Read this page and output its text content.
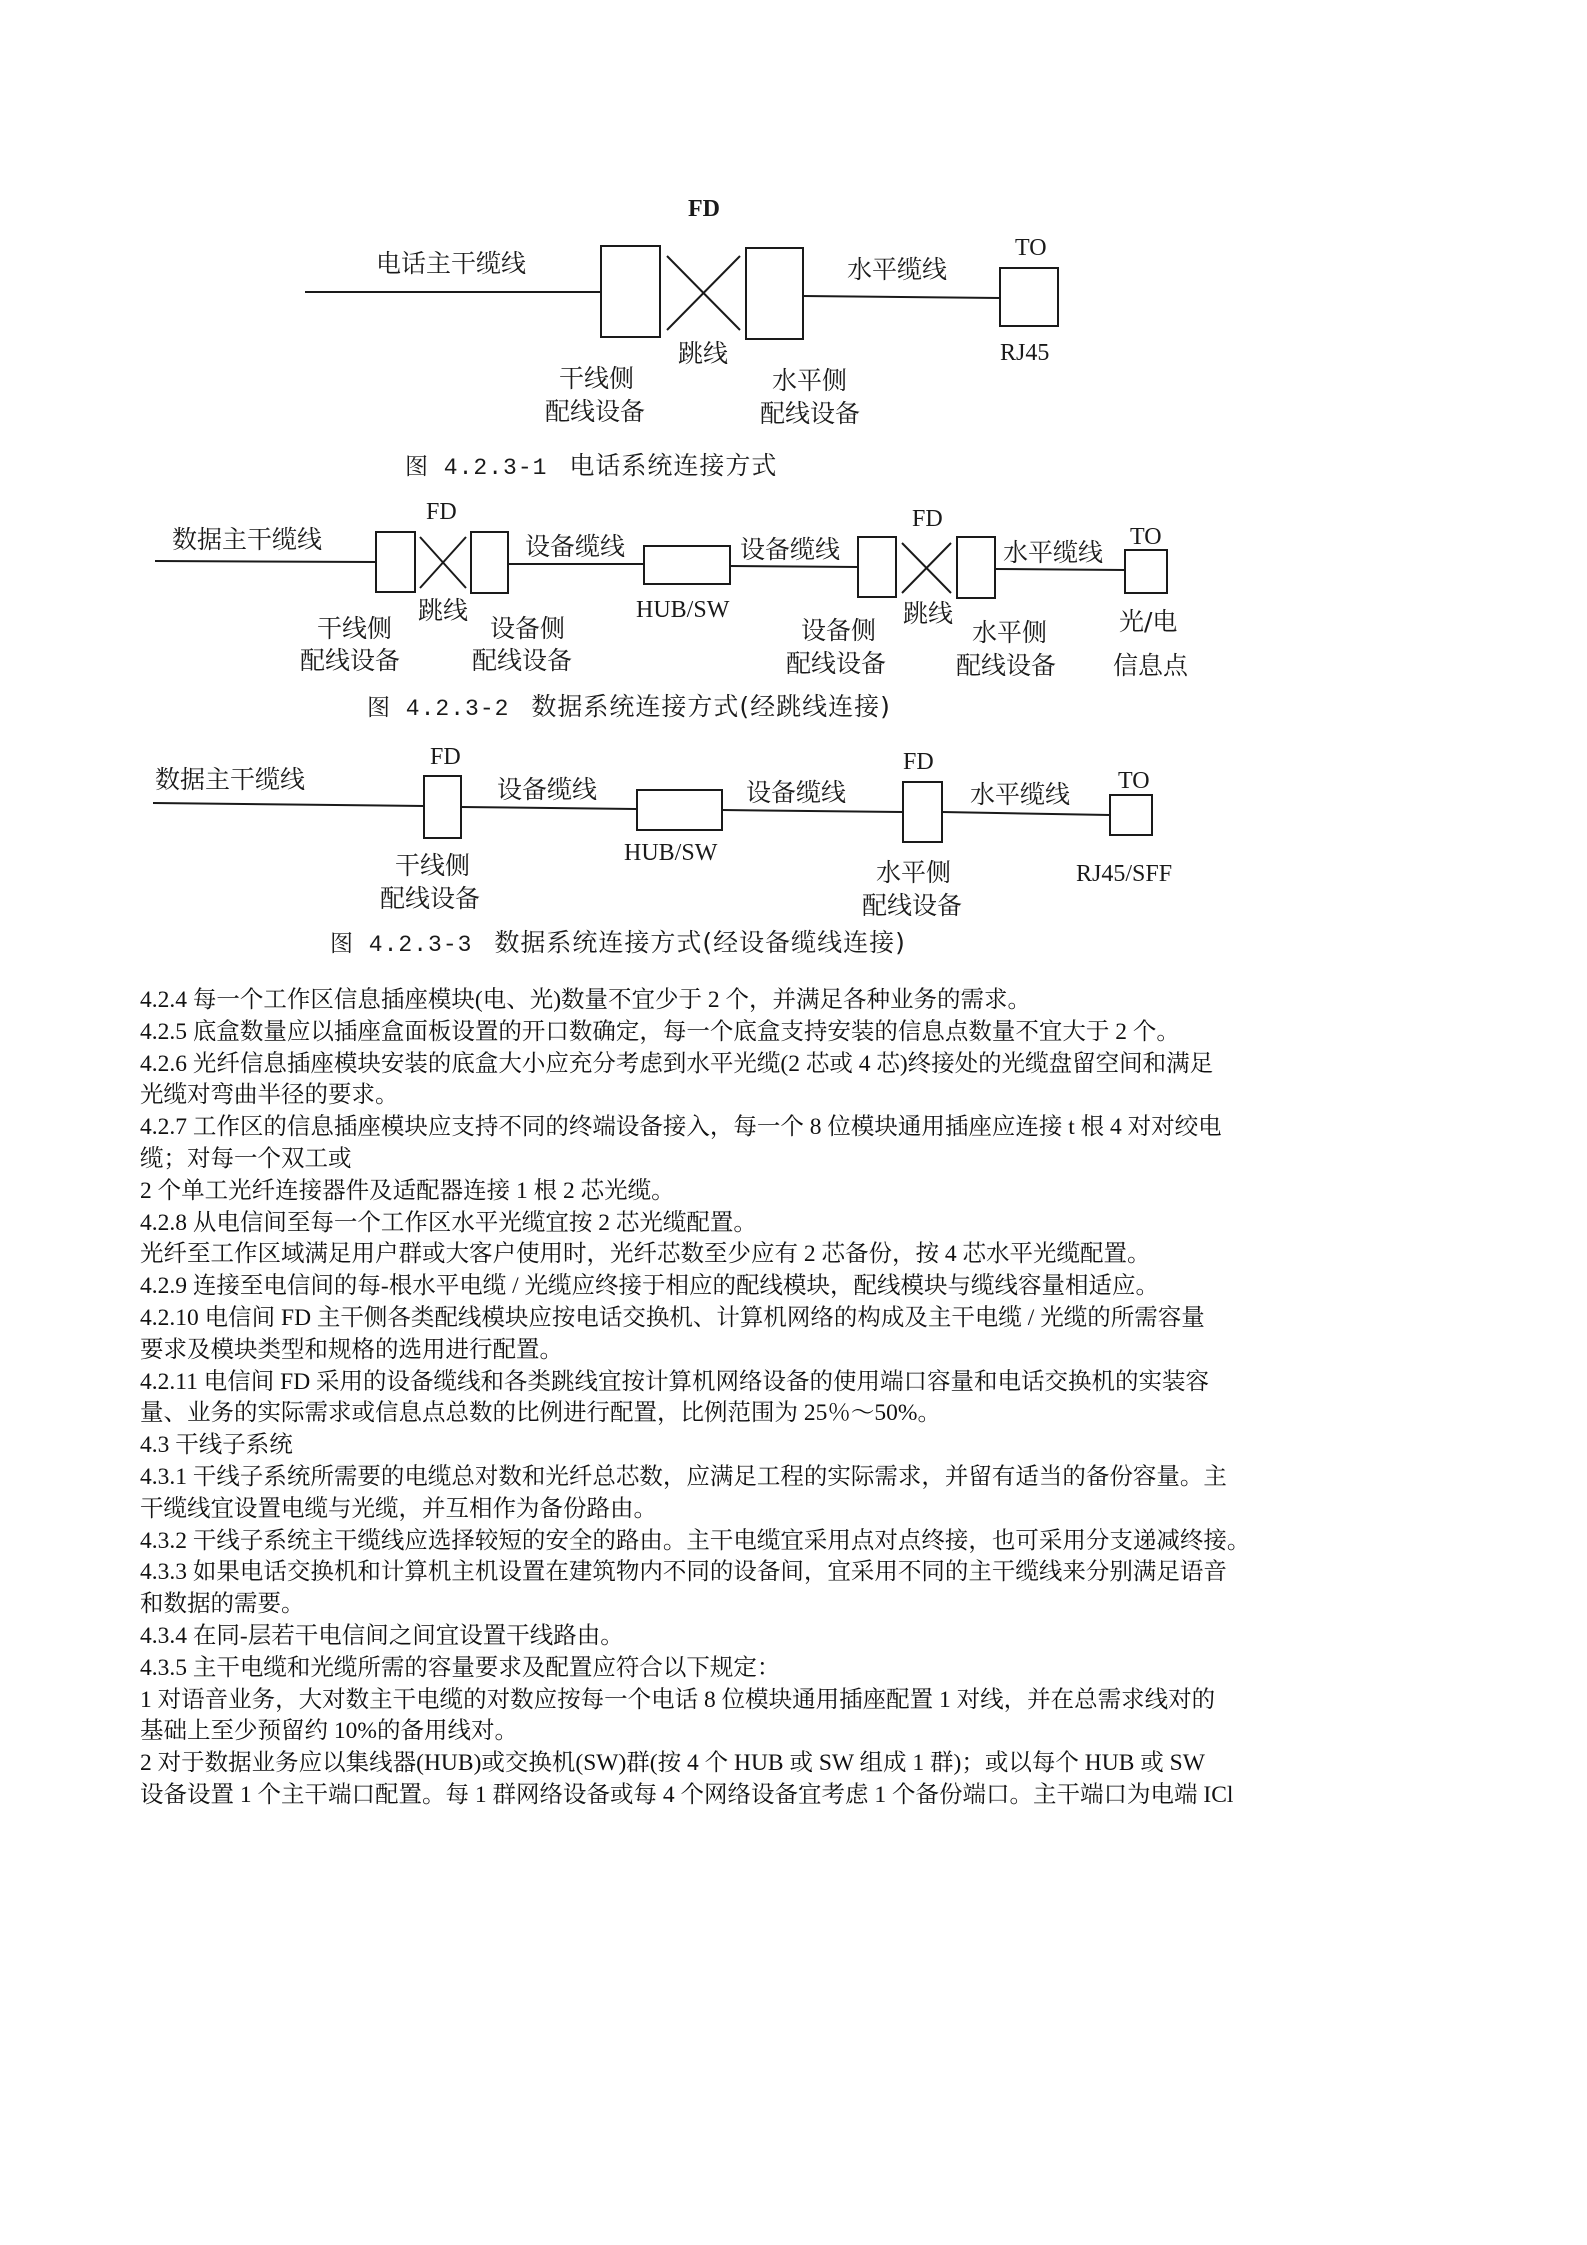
FD
电话主干缆线	水平缆线
TO
RJ45
跳线
干线侧
配线设备
水平侧
配线设备
图 4.2.3-1 电话系统连接方式
FD	FD
数据主干缆线	设备缆线	设备缆线	水平缆线
TO
HUB/SW
跳线	跳线
干线侧
配线设备
设备侧
配线设备
设备侧
配线设备
水平侧
配线设备
光/电
信息点
图 4.2.3-2 数据系统连接方式(经跳线连接)
FD	FD
数据主干缆线	设备缆线	设备缆线	水平缆线 TO
HUB/SW
RJ45/SFF
干线侧
配线设备
水平侧
配线设备
图 4.2.3-3 数据系统连接方式(经设备缆线连接)

4.2.4 每一个工作区信息插座模块(电、光)数量不宜少于 2 个，并满足各种业务的需求。

4.2.5 底盒数量应以插座盒面板设置的开口数确定，每一个底盒支持安装的信息点数量不宜大于 2 个。

4.2.6 光纤信息插座模块安装的底盒大小应充分考虑到水平光缆(2 芯或 4 芯)终接处的光缆盘留空间和满足

光缆对弯曲半径的要求。

4.2.7 工作区的信息插座模块应支持不同的终端设备接入，每一个 8 位模块通用插座应连接 t 根 4 对对绞电

缆；对每一个双工或

2 个单工光纤连接器件及适配器连接 1 根 2 芯光缆。

4.2.8 从电信间至每一个工作区水平光缆宜按 2 芯光缆配置。

光纤至工作区域满足用户群或大客户使用时，光纤芯数至少应有 2 芯备份，按 4 芯水平光缆配置。

4.2.9 连接至电信间的每-根水平电缆 / 光缆应终接于相应的配线模块，配线模块与缆线容量相适应。

4.2.10 电信间 FD 主干侧各类配线模块应按电话交换机、计算机网络的构成及主干电缆 / 光缆的所需容量

要求及模块类型和规格的选用进行配置。

4.2.11 电信间 FD 采用的设备缆线和各类跳线宜按计算机网络设备的使用端口容量和电话交换机的实装容

量、业务的实际需求或信息点总数的比例进行配置，比例范围为 25％～50%。

4.3 干线子系统

4.3.1 干线子系统所需要的电缆总对数和光纤总芯数，应满足工程的实际需求，并留有适当的备份容量。主

干缆线宜设置电缆与光缆，并互相作为备份路由。

4.3.2 干线子系统主干缆线应选择较短的安全的路由。主干电缆宜采用点对点终接，也可采用分支递减终接。

4.3.3 如果电话交换机和计算机主机设置在建筑物内不同的设备间，宜采用不同的主干缆线来分别满足语音

和数据的需要。

4.3.4 在同-层若干电信间之间宜设置干线路由。

4.3.5 主干电缆和光缆所需的容量要求及配置应符合以下规定：

1 对语音业务，大对数主干电缆的对数应按每一个电话 8 位模块通用插座配置 1 对线，并在总需求线对的

基础上至少预留约 10%的备用线对。

2 对于数据业务应以集线器(HUB)或交换机(SW)群(按 4 个 HUB 或 SW 组成 1 群)；或以每个 HUB 或 SW

设备设置 1 个主干端口配置。每 1 群网络设备或每 4 个网络设备宜考虑 1 个备份端口。主干端口为电端 ICl
